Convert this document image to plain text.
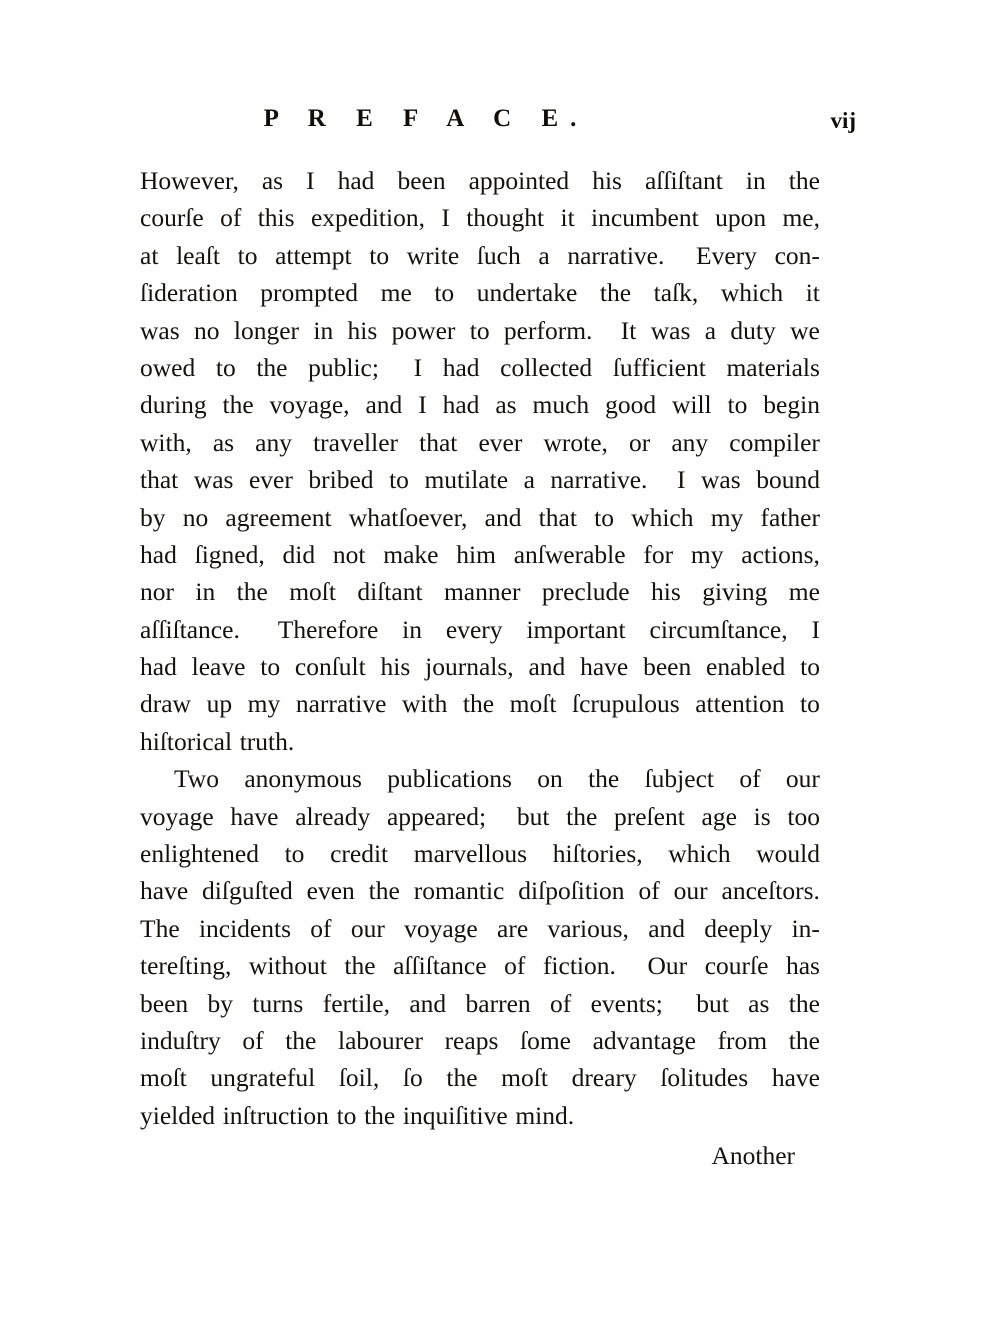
P R E F A C E.	vij
However, as I had been appointed his aſſiſtant in the
courſe of this expedition, I thought it incumbent upon me,
at leaſt to attempt to write ſuch a narrative.	Every con-
ſideration prompted me to undertake the taſk, which it
was no longer in his power to perform.	It was a duty we
owed to the public;	I had collected ſufficient materials
during the voyage, and I had as much good will to begin
with, as any traveller that ever wrote, or any compiler
that was ever bribed to mutilate a narrative.	I was bound
by no agreement whatſoever, and that to which my father
had ſigned, did not make him anſwerable for my actions,
nor in the moſt diſtant manner preclude his giving me
aſſiſtance.	Therefore in every important circumſtance, I
had leave to conſult his journals, and have been enabled to
draw up my narrative with the moſt ſcrupulous attention to
hiſtorical truth.
Two anonymous publications on the ſubject of our
voyage have already appeared;	but the preſent age is too
enlightened to credit marvellous hiſtories, which would
have diſguſted even the romantic diſpoſition of our anceſtors.
The incidents of our voyage are various, and deeply in-
tereſting, without the aſſiſtance of fiction.	Our courſe has
been by turns fertile, and barren of events;	but as the
induſtry of the labourer reaps ſome advantage from the
moſt ungrateful ſoil, ſo the moſt dreary ſolitudes have
yielded inſtruction to the inquiſitive mind.
Another
